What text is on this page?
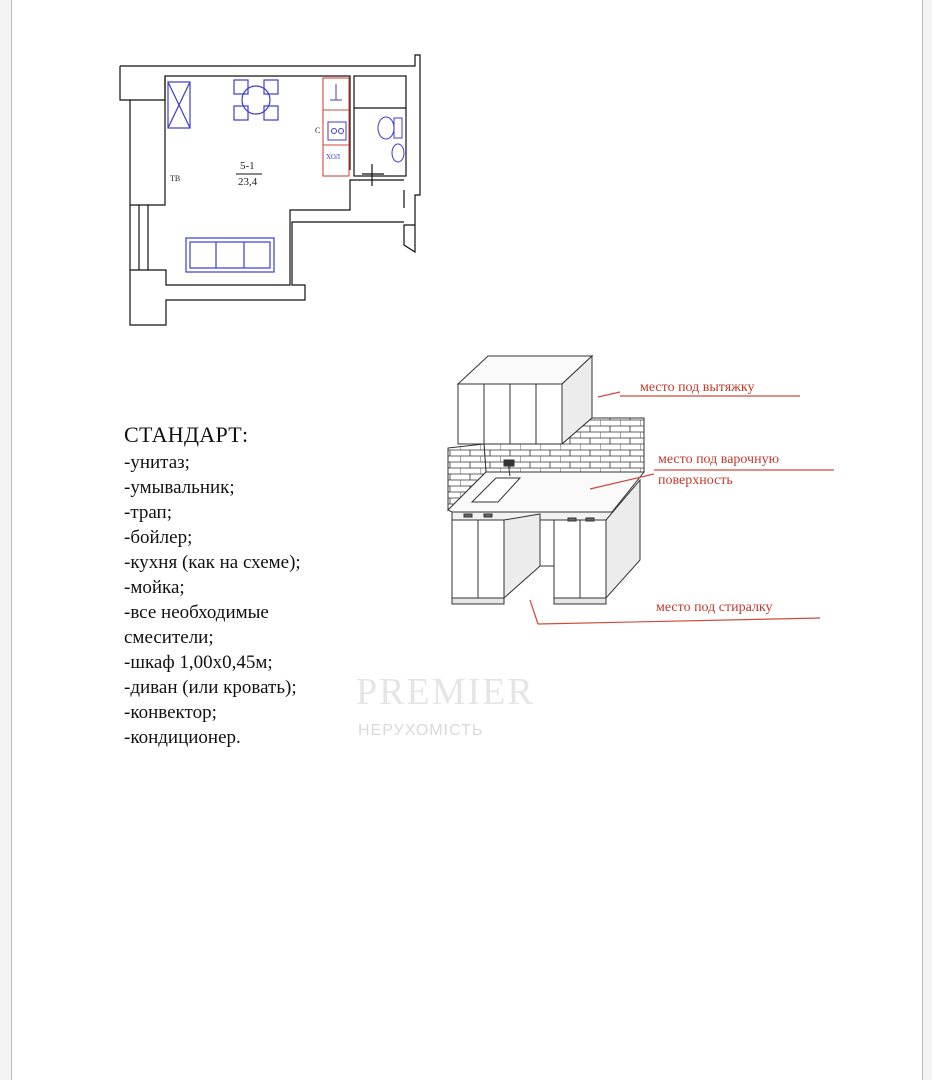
5-1
23,4
ТВ
С
ХОЛ
место под вытяжку
место под варочную
поверхность
место под стиралку
СТАНДАРТ:
-унитаз;
-умывальник;
-трап;
-бойлер;
-кухня (как на схеме);
-мойка;
-все необходимые
смесители;
-шкаф 1,00х0,45м;
-диван (или кровать);
-конвектор;
-кондиционер.
PREMIER
НЕРУХОМІСТЬ
